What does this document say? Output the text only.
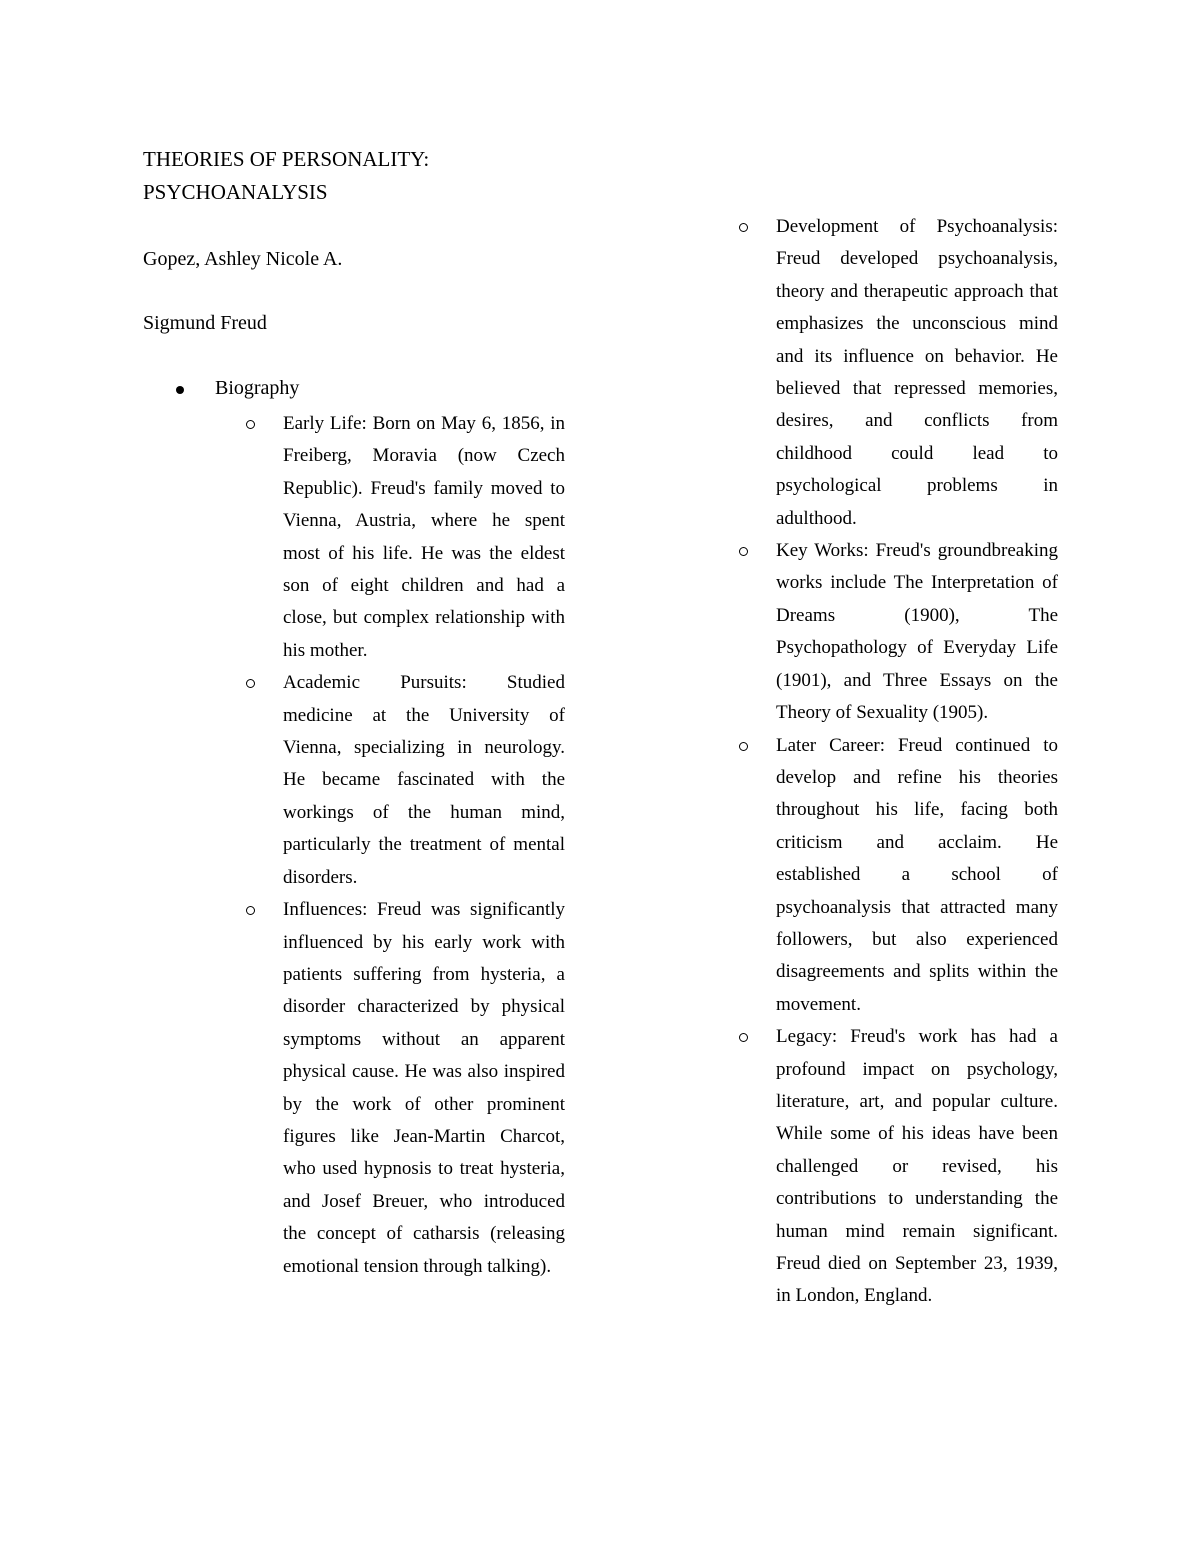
THEORIES OF PERSONALITY:
PSYCHOANALYSIS

Gopez, Ashley Nicole A.

Sigmund Freud

Biography

Early Life: Born on May 6, 1856, in Freiberg, Moravia (now Czech Republic). Freud's family moved to Vienna, Austria, where he spent most of his life. He was the eldest son of eight children and had a close, but complex relationship with his mother.
Academic Pursuits: Studied medicine at the University of Vienna, specializing in neurology. He became fascinated with the workings of the human mind, particularly the treatment of mental disorders.
Influences: Freud was significantly influenced by his early work with patients suffering from hysteria, a disorder characterized by physical symptoms without an apparent physical cause. He was also inspired by the work of other prominent figures like Jean-Martin Charcot, who used hypnosis to treat hysteria, and Josef Breuer, who introduced the concept of catharsis (releasing emotional tension through talking).
Development of Psychoanalysis: Freud developed psychoanalysis, theory and therapeutic approach that emphasizes the unconscious mind and its influence on behavior. He believed that repressed memories, desires, and conflicts from childhood could lead to psychological problems in adulthood.
Key Works: Freud's groundbreaking works include The Interpretation of Dreams (1900), The Psychopathology of Everyday Life (1901), and Three Essays on the Theory of Sexuality (1905).
Later Career: Freud continued to develop and refine his theories throughout his life, facing both criticism and acclaim. He established a school of psychoanalysis that attracted many followers, but also experienced disagreements and splits within the movement.
Legacy: Freud's work has had a profound impact on psychology, literature, art, and popular culture. While some of his ideas have been challenged or revised, his contributions to understanding the human mind remain significant. Freud died on September 23, 1939, in London, England.
